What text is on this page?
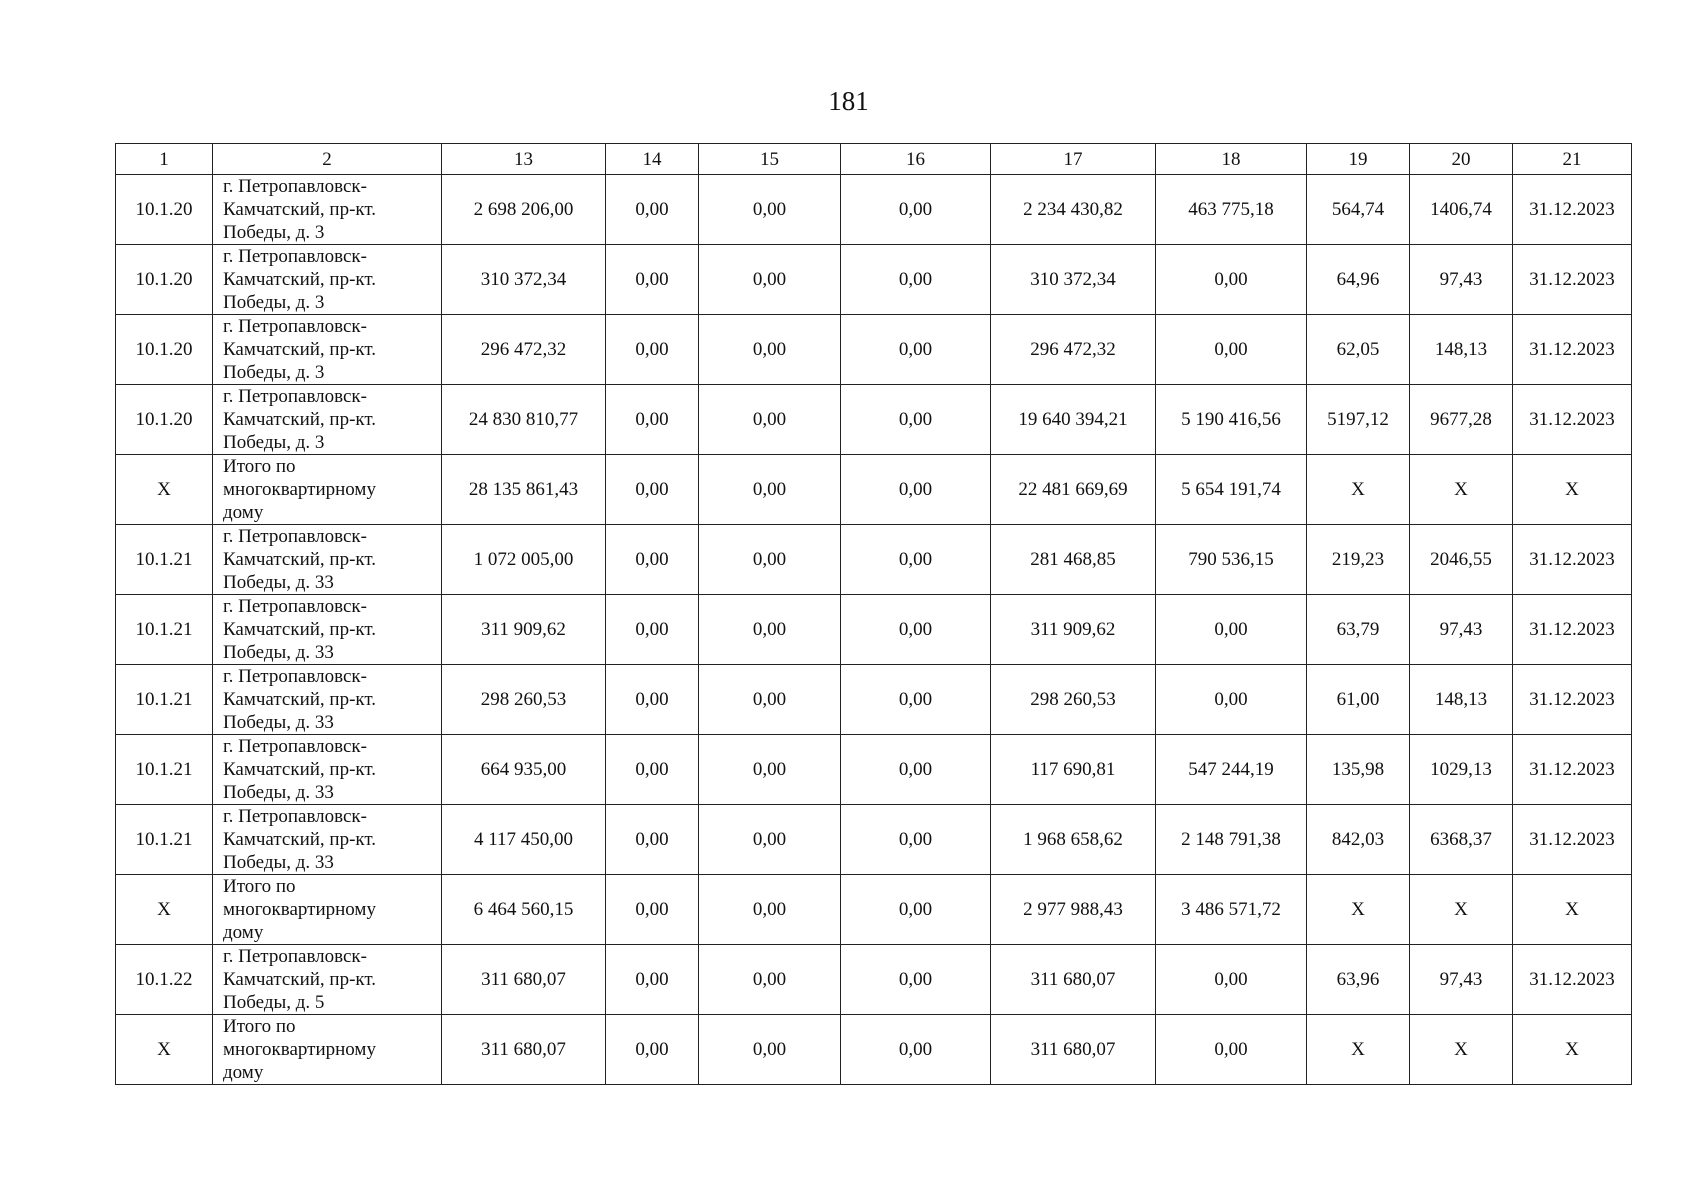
181
1	2	13	14	15	16	17	18	19	20	21
10.1.20	г. Петропавловск-
Камчатский, пр-кт.
Победы, д. 3	2 698 206,00	0,00	0,00	0,00	2 234 430,82	463 775,18	564,74	1406,74	31.12.2023
10.1.20	г. Петропавловск-
Камчатский, пр-кт.
Победы, д. 3	310 372,34	0,00	0,00	0,00	310 372,34	0,00	64,96	97,43	31.12.2023
10.1.20	г. Петропавловск-
Камчатский, пр-кт.
Победы, д. 3	296 472,32	0,00	0,00	0,00	296 472,32	0,00	62,05	148,13	31.12.2023
10.1.20	г. Петропавловск-
Камчатский, пр-кт.
Победы, д. 3	24 830 810,77	0,00	0,00	0,00	19 640 394,21	5 190 416,56	5197,12	9677,28	31.12.2023
X	Итого по
многоквартирному
дому	28 135 861,43	0,00	0,00	0,00	22 481 669,69	5 654 191,74	X	X	X
10.1.21	г. Петропавловск-
Камчатский, пр-кт.
Победы, д. 33	1 072 005,00	0,00	0,00	0,00	281 468,85	790 536,15	219,23	2046,55	31.12.2023
10.1.21	г. Петропавловск-
Камчатский, пр-кт.
Победы, д. 33	311 909,62	0,00	0,00	0,00	311 909,62	0,00	63,79	97,43	31.12.2023
10.1.21	г. Петропавловск-
Камчатский, пр-кт.
Победы, д. 33	298 260,53	0,00	0,00	0,00	298 260,53	0,00	61,00	148,13	31.12.2023
10.1.21	г. Петропавловск-
Камчатский, пр-кт.
Победы, д. 33	664 935,00	0,00	0,00	0,00	117 690,81	547 244,19	135,98	1029,13	31.12.2023
10.1.21	г. Петропавловск-
Камчатский, пр-кт.
Победы, д. 33	4 117 450,00	0,00	0,00	0,00	1 968 658,62	2 148 791,38	842,03	6368,37	31.12.2023
X	Итого по
многоквартирному
дому	6 464 560,15	0,00	0,00	0,00	2 977 988,43	3 486 571,72	X	X	X
10.1.22	г. Петропавловск-
Камчатский, пр-кт.
Победы, д. 5	311 680,07	0,00	0,00	0,00	311 680,07	0,00	63,96	97,43	31.12.2023
X	Итого по
многоквартирному
дому	311 680,07	0,00	0,00	0,00	311 680,07	0,00	X	X	X
